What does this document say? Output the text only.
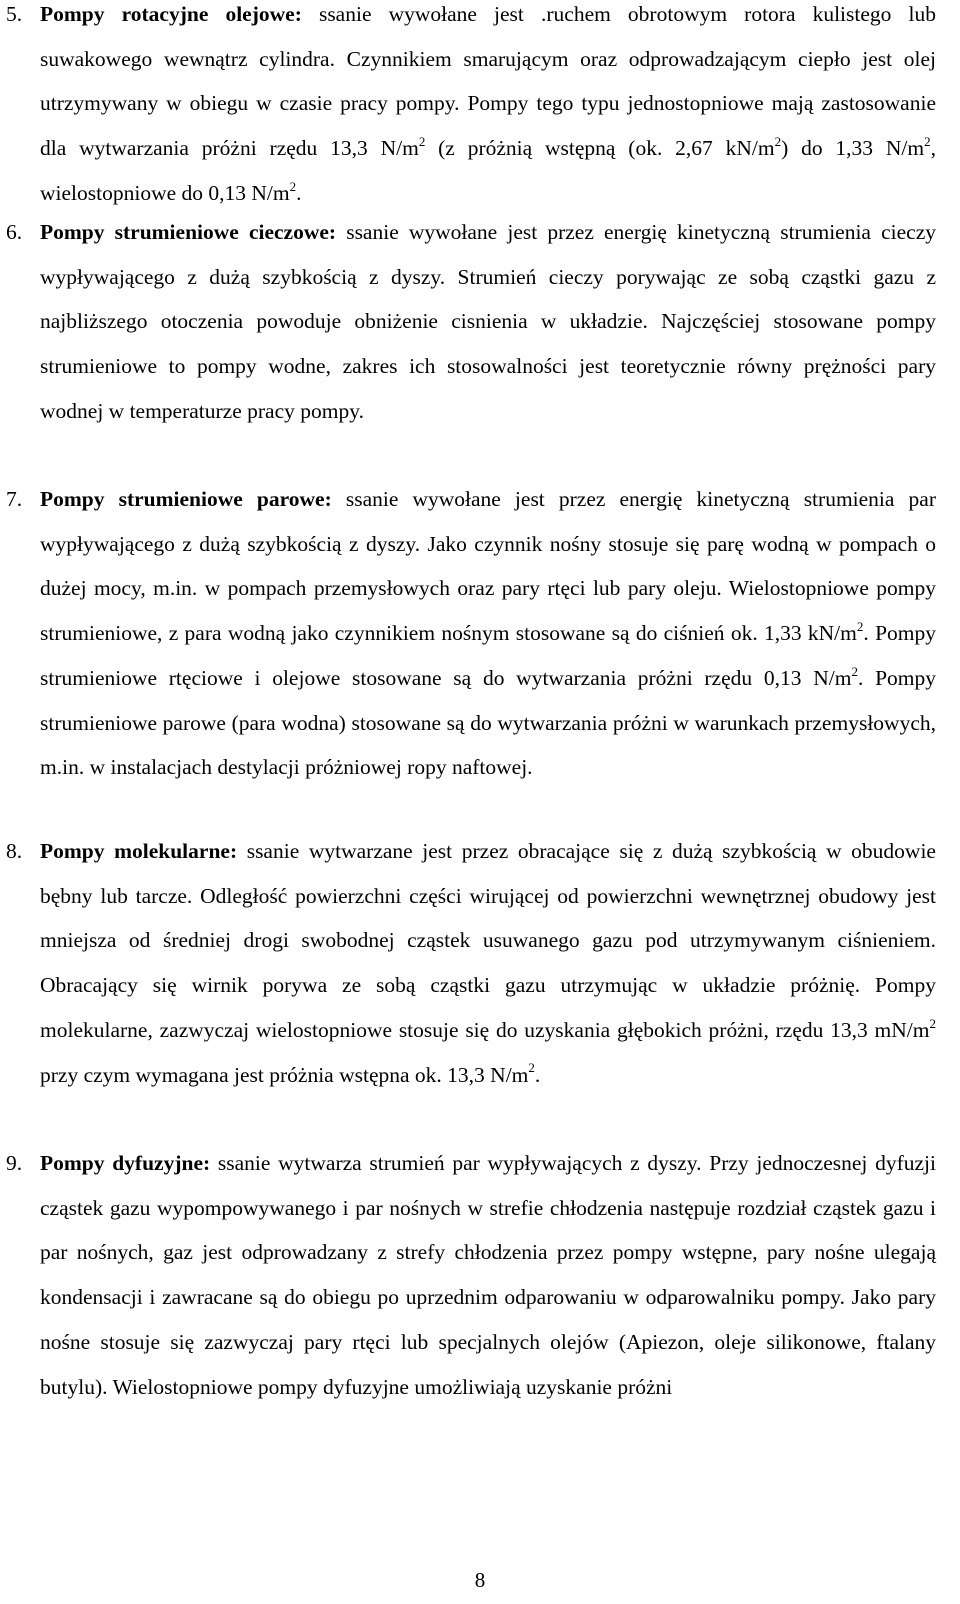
5. Pompy rotacyjne olejowe: ssanie wywołane jest .ruchem obrotowym rotora kulistego lub suwakowego wewnątrz cylindra. Czynnikiem smarującym oraz odprowadzającym ciepło jest olej utrzymywany w obiegu w czasie pracy pompy. Pompy tego typu jednostopniowe mają zastosowanie dla wytwarzania próżni rzędu 13,3 $N/m^2$ (z próżnią wstępną (ok. 2,67 $kN/m^2$) do 1,33 $N/m^2$, wielostopniowe do 0,13 $N/m^2$.
6. Pompy strumieniowe cieczowe: ssanie wywołane jest przez energię kinetyczną strumienia cieczy wypływającego z dużą szybkością z dyszy. Strumień cieczy porywając ze sobą cząstki gazu z najbliższego otoczenia powoduje obniżenie cisnienia w układzie. Najczęściej stosowane pompy strumieniowe to pompy wodne, zakres ich stosowalności jest teoretycznie równy prężności pary wodnej w temperaturze pracy pompy.
7. Pompy strumieniowe parowe: ssanie wywołane jest przez energię kinetyczną strumienia par wypływającego z dużą szybkością z dyszy. Jako czynnik nośny stosuje się parę wodną w pompach o dużej mocy, m.in. w pompach przemysłowych oraz pary rtęci lub pary oleju. Wielostopniowe pompy strumieniowe, z para wodną jako czynnikiem nośnym stosowane są do ciśnień ok. 1,33 $kN/m^2$. Pompy strumieniowe rtęciowe i olejowe stosowane są do wytwarzania próżni rzędu 0,13 $N/m^2$. Pompy strumieniowe parowe (para wodna) stosowane są do wytwarzania próżni w warunkach przemysłowych, m.in. w instalacjach destylacji próżniowej ropy naftowej.
8. Pompy molekularne: ssanie wytwarzane jest przez obracające się z dużą szybkością w obudowie bębny lub tarcze. Odległość powierzchni części wirującej od powierzchni wewnętrznej obudowy jest mniejsza od średniej drogi swobodnej cząstek usuwanego gazu pod utrzymywanym ciśnieniem. Obracający się wirnik porywa ze sobą cząstki gazu utrzymując w układzie próżnię. Pompy molekularne, zazwyczaj wielostopniowe stosuje się do uzyskania głębokich próżni, rzędu 13,3 $mN/m^2$ przy czym wymagana jest próżnia wstępna ok. 13,3 $N/m^2$.
9. Pompy dyfuzyjne: ssanie wytwarza strumień par wypływających z dyszy. Przy jednoczesnej dyfuzji cząstek gazu wypompowywanego i par nośnych w strefie chłodzenia następuje rozdział cząstek gazu i par nośnych, gaz jest odprowadzany z strefy chłodzenia przez pompy wstępne, pary nośne ulegają kondensacji i zawracane są do obiegu po uprzednim odparowaniu w odparowalniku pompy. Jako pary nośne stosuje się zazwyczaj pary rtęci lub specjalnych olejów (Apiezon, oleje silikonowe, ftalany butylu). Wielostopniowe pompy dyfuzyjne umożliwiają uzyskanie próżni
8
